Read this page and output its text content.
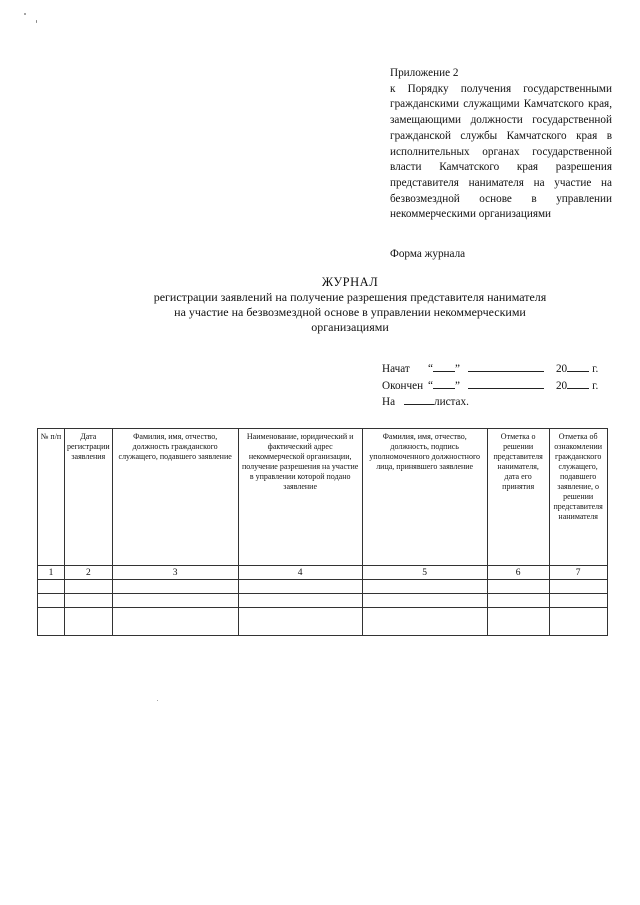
Приложение 2
к Порядку получения государственными гражданскими служащими Камчатского края, замещающими должности государственной гражданской службы Камчатского края в исполнительных органах государственной власти Камчатского края разрешения представителя нанимателя на участие на безвозмездной основе в управлении некоммерческими организациями
Форма журнала
ЖУРНАЛ
регистрации заявлений на получение разрешения представителя нанимателя
на участие на безвозмездной основе в управлении некоммерческими
организациями
Начат	“ ”	20 г.
Окончен “ ”	20 г.
На	листах.
№ п/п	Дата регистрации заявления	Фамилия, имя, отчество, должность гражданского служащего, подавшего заявление	Наименование, юридический и фактический адрес некоммерческой организации, получение разрешения на участие в управлении которой подано заявление	Фамилия, имя, отчество, должность, подпись уполномоченного должностного лица, принявшего заявление	Отметка о решении представителя нанимателя, дата его принятия	Отметка об ознакомлении гражданского служащего, подавшего заявление, о решении представителя нанимателя
1	2	3	4	5	6	7
